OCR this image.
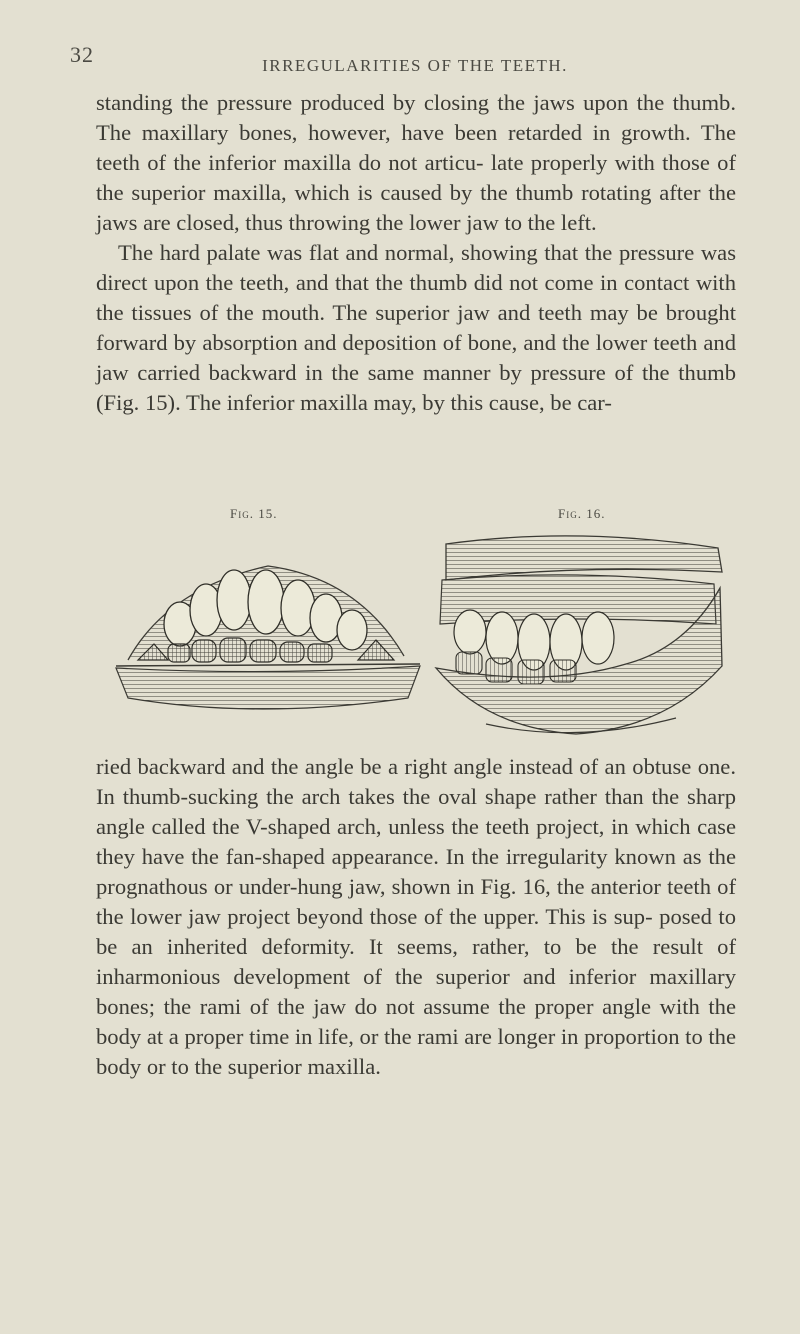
32	IRREGULARITIES OF THE TEETH.

standing the pressure produced by closing the jaws upon the thumb. The maxillary bones, however, have been retarded in growth. The teeth of the inferior maxilla do not articu- late properly with those of the superior maxilla, which is caused by the thumb rotating after the jaws are closed, thus throwing the lower jaw to the left.

The hard palate was flat and normal, showing that the pressure was direct upon the teeth, and that the thumb did not come in contact with the tissues of the mouth. The superior jaw and teeth may be brought forward by absorption and deposition of bone, and the lower teeth and jaw carried backward in the same manner by pressure of the thumb (Fig. 15). The inferior maxilla may, by this cause, be car-

Fig. 15.	Fig. 16.

ried backward and the angle be a right angle instead of an obtuse one. In thumb-sucking the arch takes the oval shape rather than the sharp angle called the V-shaped arch, unless the teeth project, in which case they have the fan-shaped appearance. In the irregularity known as the prognathous or under-hung jaw, shown in Fig. 16, the anterior teeth of the lower jaw project beyond those of the upper. This is sup- posed to be an inherited deformity. It seems, rather, to be the result of inharmonious development of the superior and inferior maxillary bones; the rami of the jaw do not assume the proper angle with the body at a proper time in life, or the rami are longer in proportion to the body or to the superior maxilla.
